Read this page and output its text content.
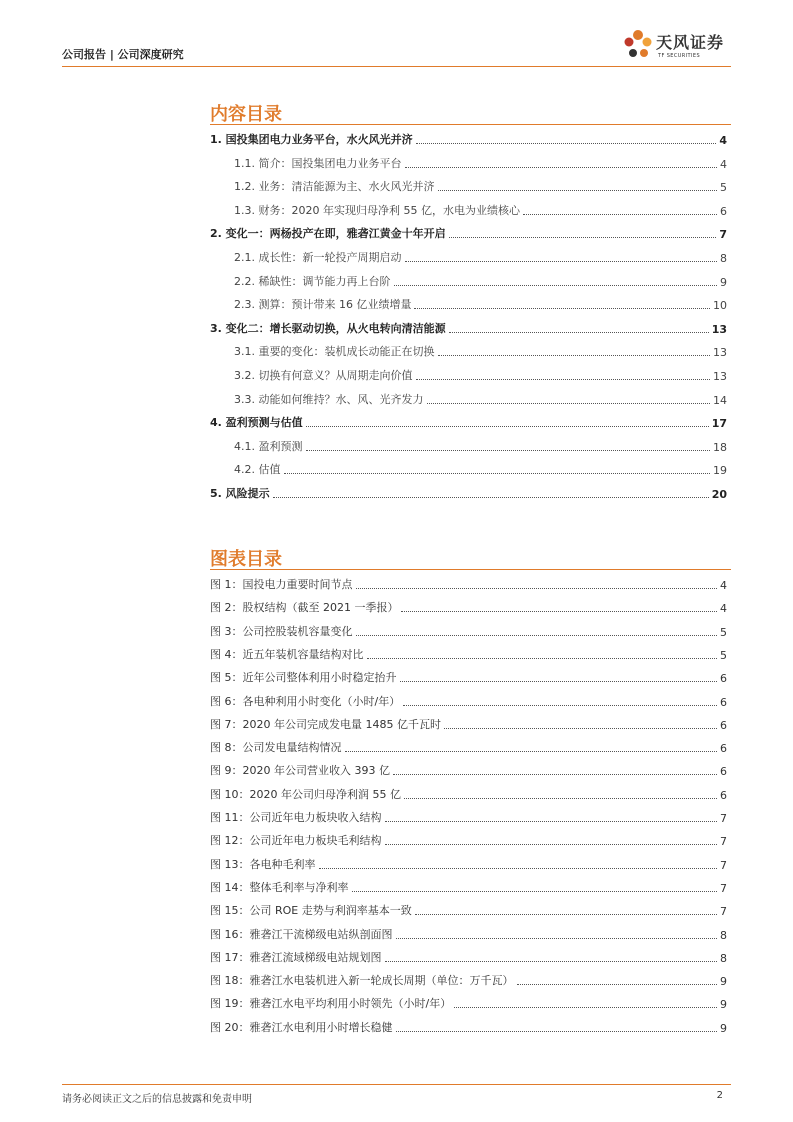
公司报告 | 公司深度研究
天风证券
TF SECURITIES
内容目录
1. 国投集团电力业务平台，水火风光并济	4
1.1. 简介：国投集团电力业务平台	4
1.2. 业务：清洁能源为主、水火风光并济	5
1.3. 财务：2020 年实现归母净利 55 亿，水电为业绩核心	6
2. 变化一：两杨投产在即，雅砻江黄金十年开启	7
2.1. 成长性：新一轮投产周期启动	8
2.2. 稀缺性：调节能力再上台阶	9
2.3. 测算：预计带来 16 亿业绩增量	10
3. 变化二：增长驱动切换，从火电转向清洁能源	13
3.1. 重要的变化：装机成长动能正在切换	13
3.2. 切换有何意义？从周期走向价值	13
3.3. 动能如何维持？水、风、光齐发力	14
4. 盈利预测与估值	17
4.1. 盈利预测	18
4.2. 估值	19
5. 风险提示	20
图表目录
图 1：国投电力重要时间节点	4
图 2：股权结构（截至 2021 一季报）	4
图 3：公司控股装机容量变化	5
图 4：近五年装机容量结构对比	5
图 5：近年公司整体利用小时稳定抬升	6
图 6：各电种利用小时变化（小时/年）	6
图 7：2020 年公司完成发电量 1485 亿千瓦时	6
图 8：公司发电量结构情况	6
图 9：2020 年公司营业收入 393 亿	6
图 10：2020 年公司归母净利润 55 亿	6
图 11：公司近年电力板块收入结构	7
图 12：公司近年电力板块毛利结构	7
图 13：各电种毛利率	7
图 14：整体毛利率与净利率	7
图 15：公司 ROE 走势与利润率基本一致	7
图 16：雅砻江干流梯级电站纵剖面图	8
图 17：雅砻江流域梯级电站规划图	8
图 18：雅砻江水电装机进入新一轮成长周期（单位：万千瓦）	9
图 19：雅砻江水电平均利用小时领先（小时/年）	9
图 20：雅砻江水电利用小时增长稳健	9
请务必阅读正文之后的信息披露和免责申明	2
